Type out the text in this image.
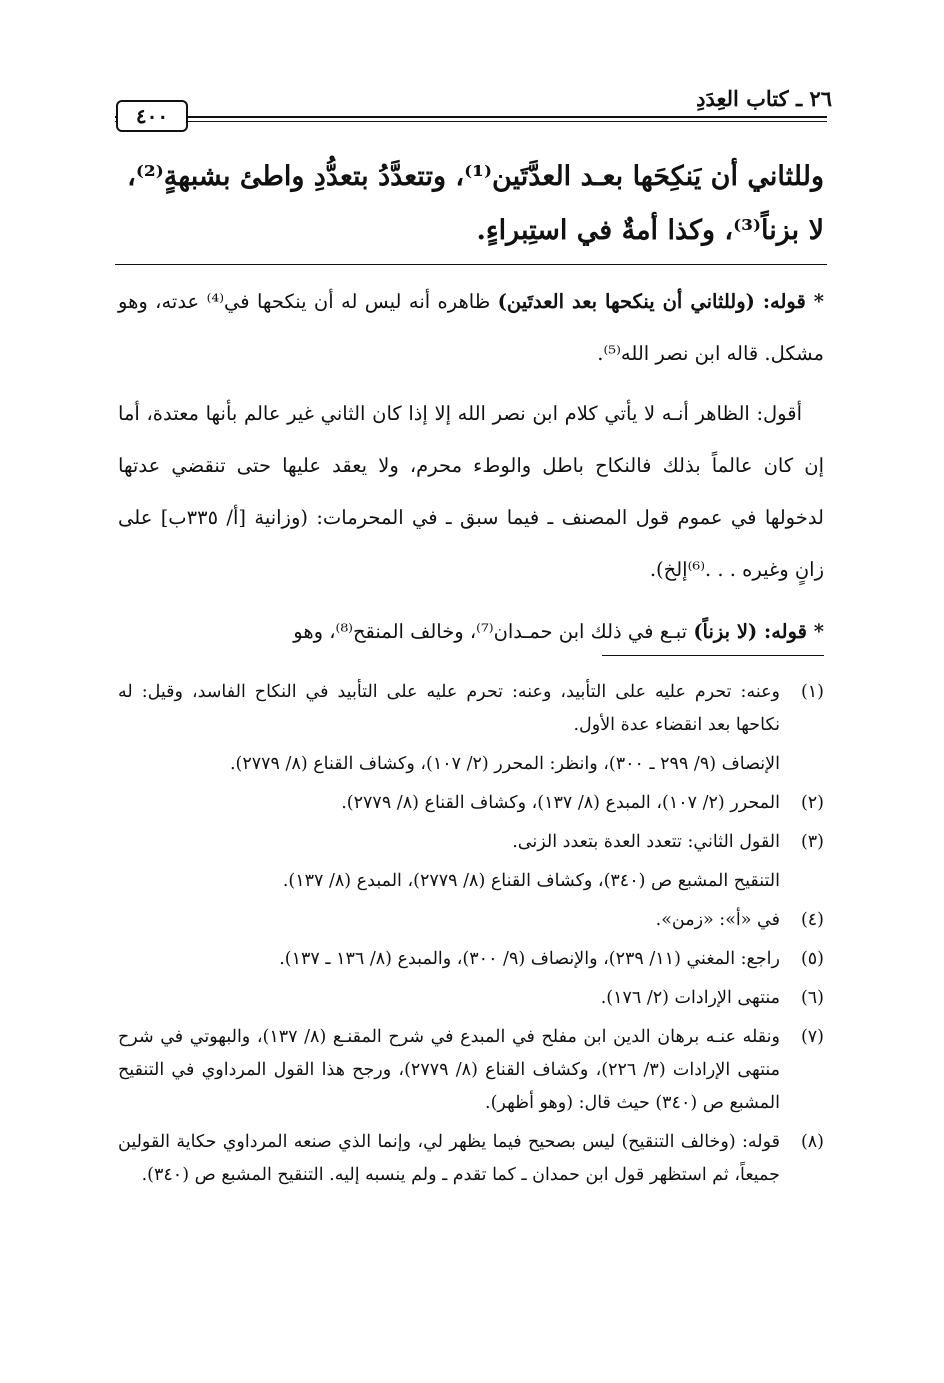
٢٦ ـ كتاب العِدَدِ
٤٠٠

وللثاني أن يَنكِحَها بعـد العدَّتَين⁽¹⁾، وتتعدَّدُ بتعدُّدِ واطئ بشبهةٍ⁽²⁾،

لا بزناً⁽³⁾، وكذا أمةٌ في استِبراءٍ.

* قوله: (وللثاني أن ينكحها بعد العدتَين) ظاهره أنه ليس له أن ينكحها في⁽⁴⁾ عدته، وهو مشكل. قاله ابن نصر الله⁽⁵⁾.

أقول: الظاهر أنـه لا يأتي كلام ابن نصر الله إلا إذا كان الثاني غير عالم بأنها معتدة، أما إن كان عالماً بذلك فالنكاح باطل والوطء محرم، ولا يعقد عليها حتى تنقضي عدتها لدخولها في عموم قول المصنف ـ فيما سبق ـ في المحرمات: (وزانية [أ/ ٣٣٥ب] على زانٍ وغيره . . .⁽⁶⁾إلخ).

* قوله: (لا بزناً) تبـع في ذلك ابن حمـدان⁽⁷⁾، وخالف المنقح⁽⁸⁾، وهو

(١)

وعنه: تحرم عليه على التأبيد، وعنه: تحرم عليه على التأبيد في النكاح الفاسد، وقيل: له نكاحها بعد انقضاء عدة الأول.

الإنصاف (٩/ ٢٩٩ ـ ٣٠٠)، وانظر: المحرر (٢/ ١٠٧)، وكشاف القناع (٨/ ٢٧٧٩).

(٢)

المحرر (٢/ ١٠٧)، المبدع (٨/ ١٣٧)، وكشاف القناع (٨/ ٢٧٧٩).

(٣)

القول الثاني: تتعدد العدة بتعدد الزنى.

التنقيح المشبع ص (٣٤٠)، وكشاف القناع (٨/ ٢٧٧٩)، المبدع (٨/ ١٣٧).

(٤)

في «أ»: «زمن».

(٥)

راجع: المغني (١١/ ٢٣٩)، والإنصاف (٩/ ٣٠٠)، والمبدع (٨/ ١٣٦ ـ ١٣٧).

(٦)

منتهى الإرادات (٢/ ١٧٦).

(٧)

ونقله عنـه برهان الدين ابن مفلح في المبدع في شرح المقنـع (٨/ ١٣٧)، والبهوتي في شرح منتهى الإرادات (٣/ ٢٢٦)، وكشاف القناع (٨/ ٢٧٧٩)، ورجح هذا القول المرداوي في التنقيح المشبع ص (٣٤٠) حيث قال: (وهو أظهر).

(٨)

قوله: (وخالف التنقيح) ليس بصحيح فيما يظهر لي، وإنما الذي صنعه المرداوي حكاية القولين جميعاً، ثم استظهر قول ابن حمدان ـ كما تقدم ـ ولم ينسبه إليه. التنقيح المشبع ص (٣٤٠).
